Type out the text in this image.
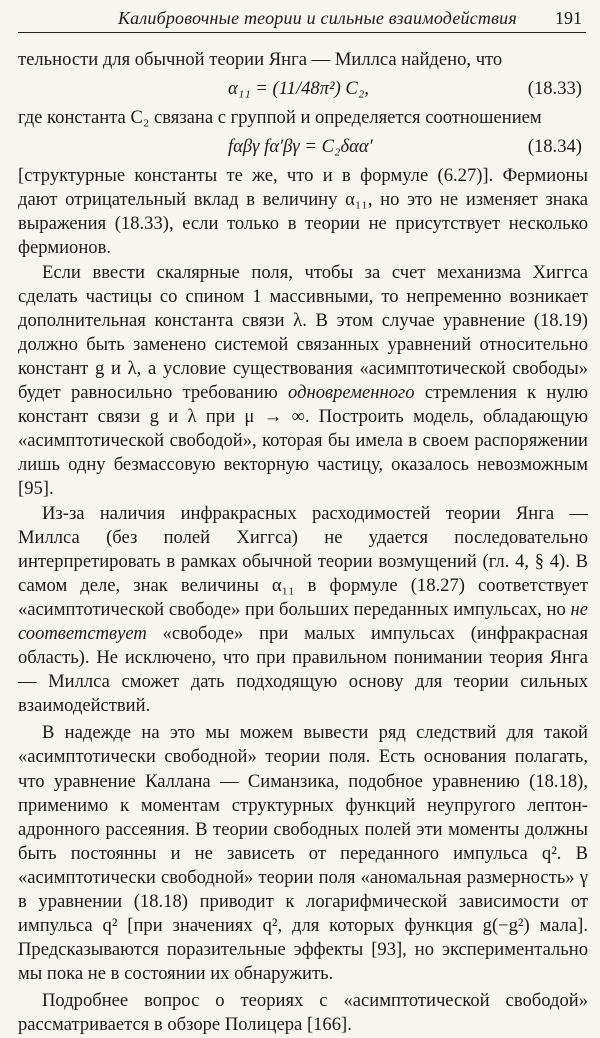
Калибровочные теории и сильные взаимодействия 191

тельности для обычной теории Янга — Миллса найдено, что

α₁₁ = (11/48π²) C₂,	(18.33)

где константа C₂ связана с группой и определяется соотношением

fαβγ fα′βγ = C₂δαα′	(18.34)

[структурные константы те же, что и в формуле (6.27)]. Фермионы дают отрицательный вклад в величину α₁₁, но это не изменяет знака выражения (18.33), если только в теории не присутствует несколько фермионов.

Если ввести скалярные поля, чтобы за счет механизма Хиггса сделать частицы со спином 1 массивными, то непременно возникает дополнительная константа связи λ. В этом случае уравнение (18.19) должно быть заменено системой связанных уравнений относительно констант g и λ, а условие существования «асимптотической свободы» будет равносильно требованию одновременного стремления к нулю констант связи g и λ при μ → ∞. Построить модель, обладающую «асимптотической свободой», которая бы имела в своем распоряжении лишь одну безмассовую векторную частицу, оказалось невозможным [95].

Из-за наличия инфракрасных расходимостей теории Янга — Миллса (без полей Хиггса) не удается последовательно интерпретировать в рамках обычной теории возмущений (гл. 4, § 4). В самом деле, знак величины α₁₁ в формуле (18.27) соответствует «асимптотической свободе» при больших переданных импульсах, но не соответствует «свободе» при малых импульсах (инфракрасная область). Не исключено, что при правильном понимании теория Янга — Миллса сможет дать подходящую основу для теории сильных взаимодействий.

В надежде на это мы можем вывести ряд следствий для такой «асимптотически свободной» теории поля. Есть основания полагать, что уравнение Каллана — Симанзика, подобное уравнению (18.18), применимо к моментам структурных функций неупругого лептон-адронного рассеяния. В теории свободных полей эти моменты должны быть постоянны и не зависеть от переданного импульса q². В «асимптотически свободной» теории поля «аномальная размерность» γ в уравнении (18.18) приводит к логарифмической зависимости от импульса q² [при значениях q², для которых функция g(−g²) мала]. Предсказываются поразительные эффекты [93], но экспериментально мы пока не в состоянии их обнаружить.

Подробнее вопрос о теориях с «асимптотической свободой» рассматривается в обзоре Полицера [166].
